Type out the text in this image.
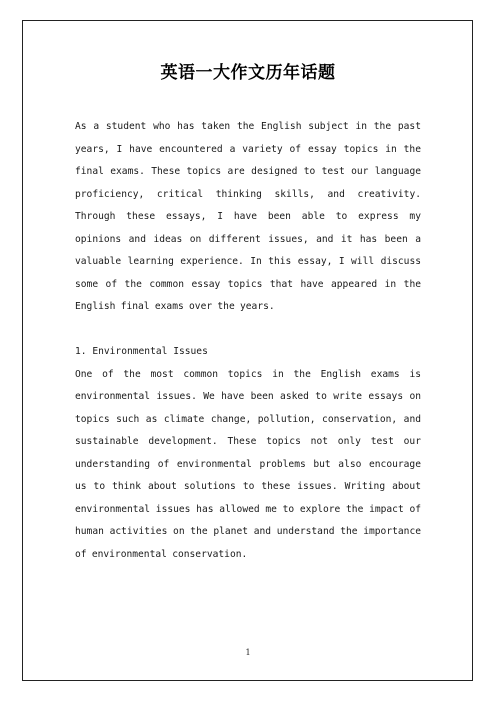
英语一大作文历年话题

As a student who has taken the English subject in the past years, I have encountered a variety of essay topics in the final exams. These topics are designed to test our language proficiency, critical thinking skills, and creativity. Through these essays, I have been able to express my opinions and ideas on different issues, and it has been a valuable learning experience. In this essay, I will discuss some of the common essay topics that have appeared in the English final exams over the years.

1. Environmental Issues

One of the most common topics in the English exams is environmental issues. We have been asked to write essays on topics such as climate change, pollution, conservation, and sustainable development. These topics not only test our understanding of environmental problems but also encourage us to think about solutions to these issues. Writing about environmental issues has allowed me to explore the impact of human activities on the planet and understand the importance of environmental conservation.

1
